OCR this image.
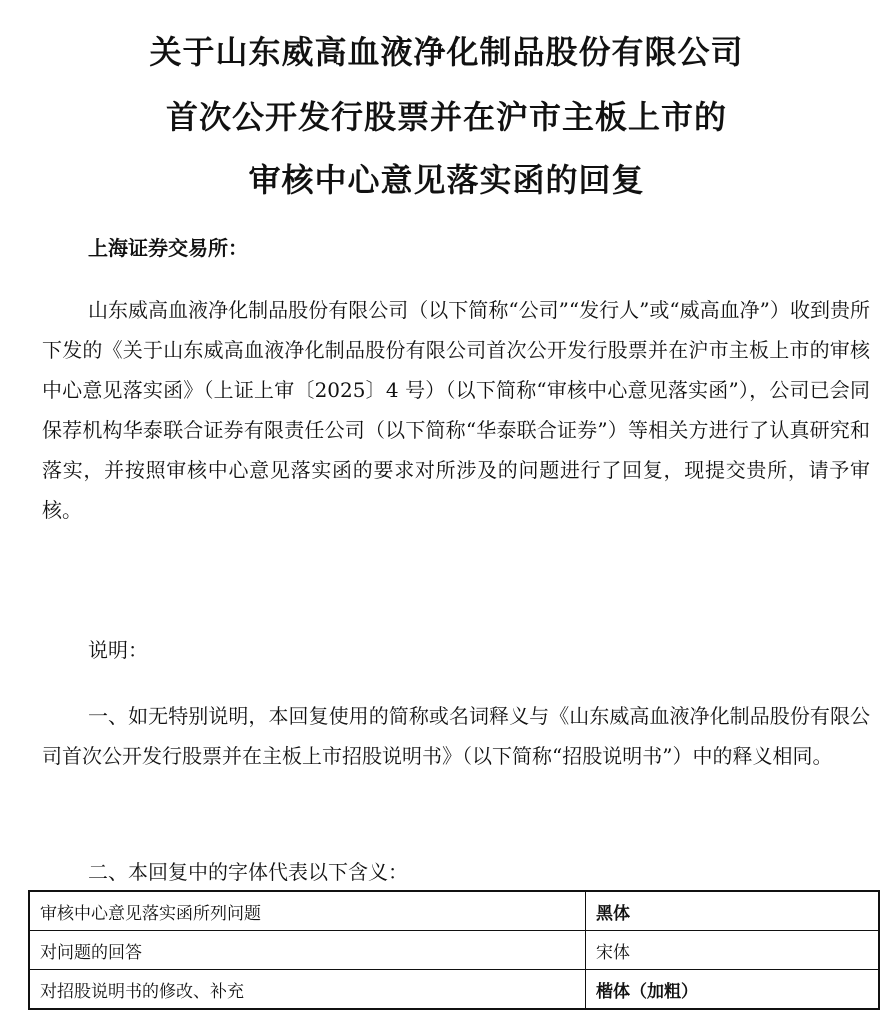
关于山东威高血液净化制品股份有限公司
首次公开发行股票并在沪市主板上市的
审核中心意见落实函的回复

上海证券交易所：

山东威高血液净化制品股份有限公司（以下简称“公司”“发行人”或“威高血净”）收到贵所下发的《关于山东威高血液净化制品股份有限公司首次公开发行股票并在沪市主板上市的审核中心意见落实函》（上证上审〔2025〕4 号）（以下简称“审核中心意见落实函”），公司已会同保荐机构华泰联合证券有限责任公司（以下简称“华泰联合证券”）等相关方进行了认真研究和落实，并按照审核中心意见落实函的要求对所涉及的问题进行了回复，现提交贵所，请予审核。

说明：

一、如无特别说明，本回复使用的简称或名词释义与《山东威高血液净化制品股份有限公司首次公开发行股票并在主板上市招股说明书》（以下简称“招股说明书”）中的释义相同。

二、本回复中的字体代表以下含义：

审核中心意见落实函所列问题	黑体
对问题的回答	宋体
对招股说明书的修改、补充	楷体（加粗）
